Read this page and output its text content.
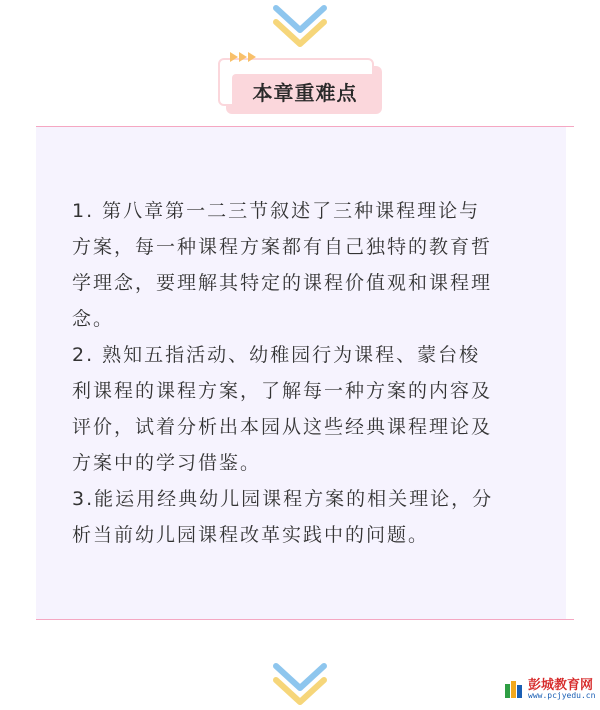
本章重难点
1. 第八章第一二三节叙述了三种课程理论与
方案，每一种课程方案都有自己独特的教育哲
学理念，要理解其特定的课程价值观和课程理
念。
2. 熟知五指活动、幼稚园行为课程、蒙台梭
利课程的课程方案，了解每一种方案的内容及
评价，试着分析出本园从这些经典课程理论及
方案中的学习借鉴。
3.能运用经典幼儿园课程方案的相关理论，分
析当前幼儿园课程改革实践中的问题。
彭城教育网
www.pcjyedu.cn
